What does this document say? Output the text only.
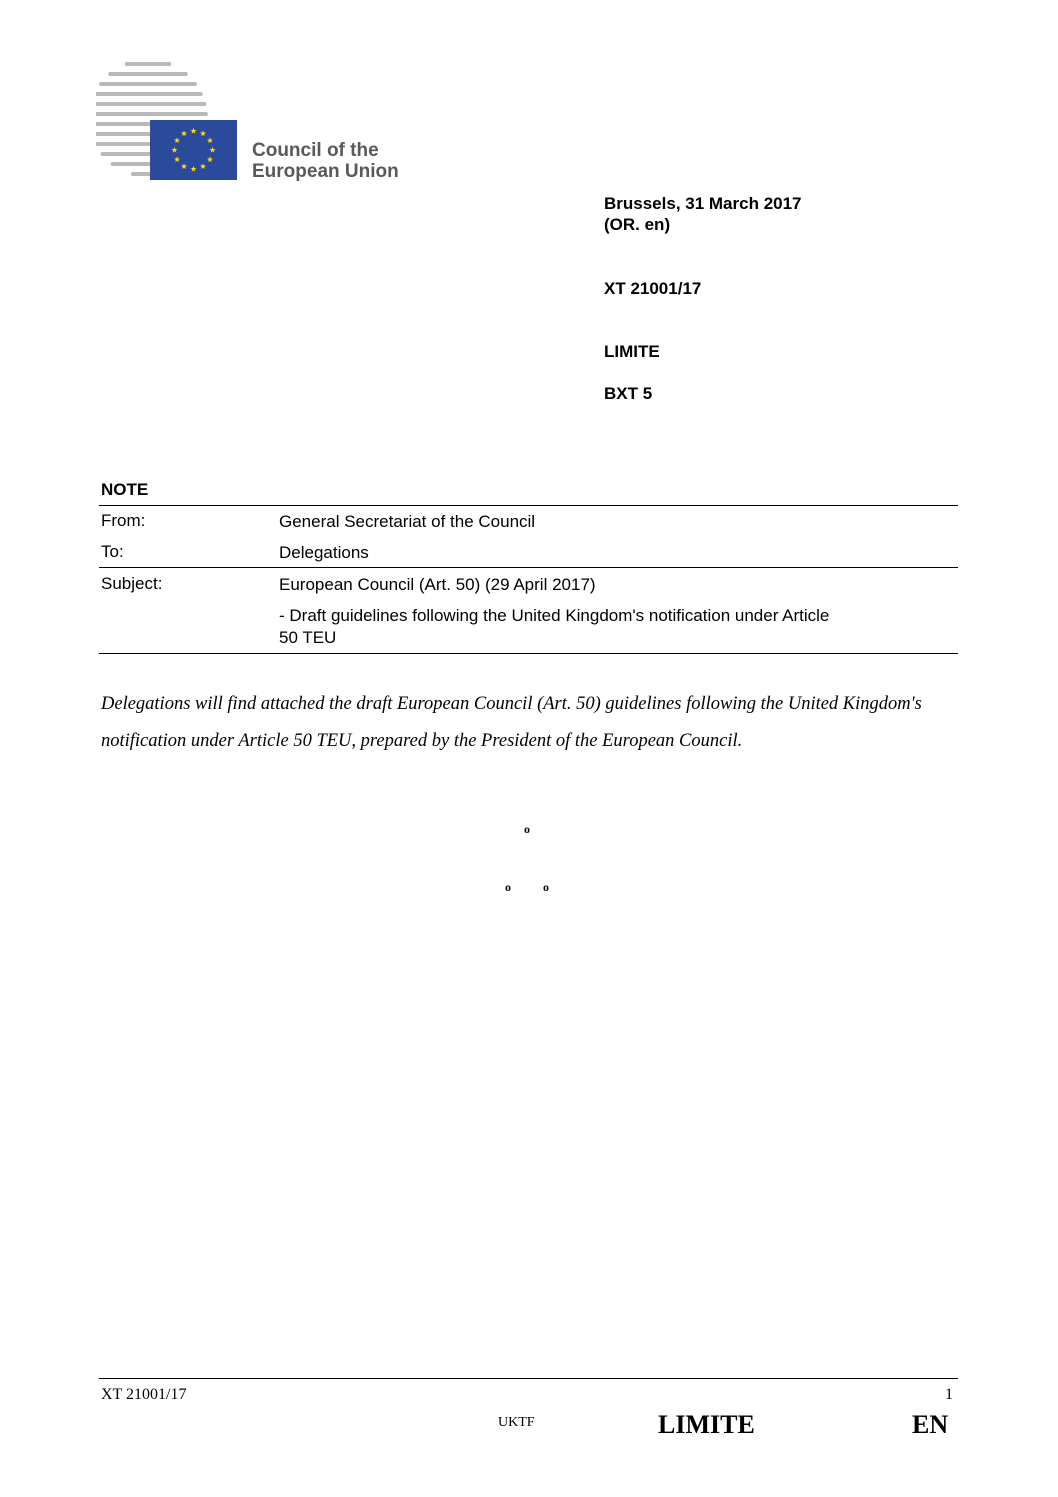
Council of the
European Union
Brussels, 31 March 2017
(OR. en)
XT 21001/17
LIMITE
BXT 5
NOTE
From:	General Secretariat of the Council
To:	Delegations
Subject:	European Council (Art. 50) (29 April 2017)
- Draft guidelines following the United Kingdom's notification under Article
50 TEU
Delegations will find attached the draft European Council (Art. 50) guidelines following the United Kingdom's notification under Article 50 TEU, prepared by the President of the European Council.
o
o	o
XT 21001/17	1
UKTF	LIMITE	EN
